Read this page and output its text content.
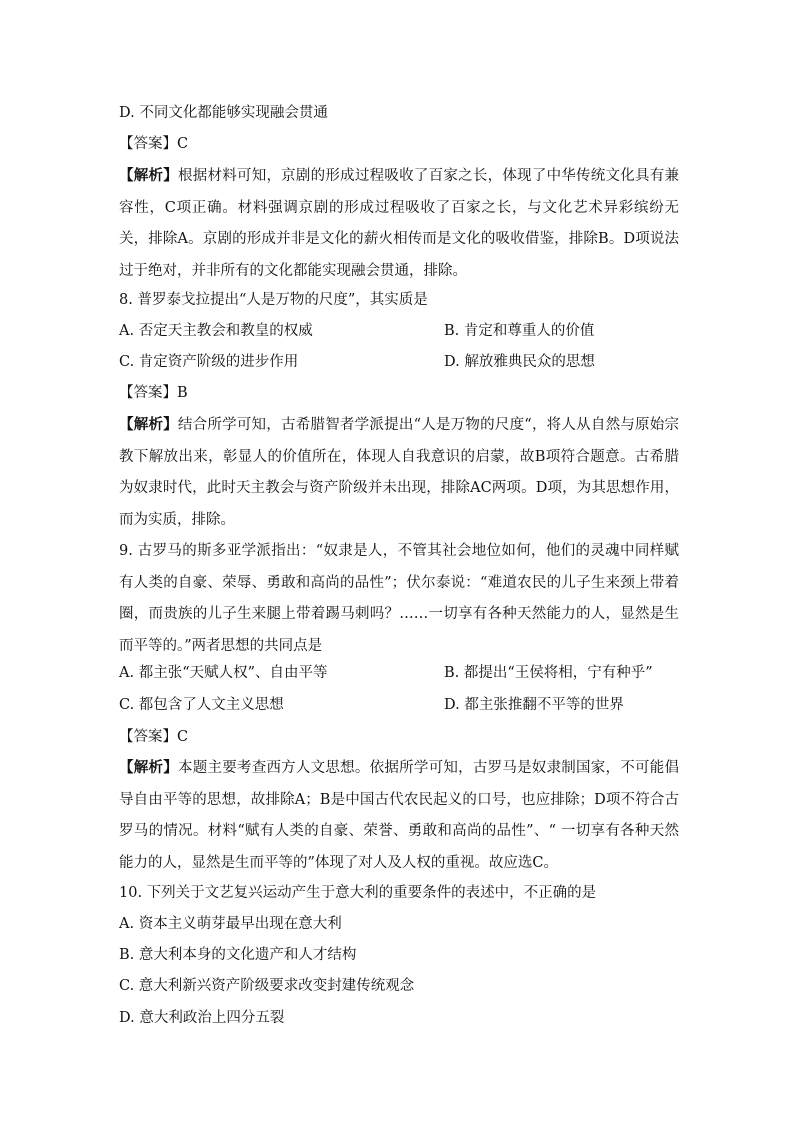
D. 不同文化都能够实现融会贯通
【答案】C
【解析】根据材料可知，京剧的形成过程吸收了百家之长，体现了中华传统文化具有兼容性，C项正确。材料强调京剧的形成过程吸收了百家之长，与文化艺术异彩缤纷无关，排除A。京剧的形成并非是文化的薪火相传而是文化的吸收借鉴，排除B。D项说法过于绝对，并非所有的文化都能实现融会贯通，排除。
8. 普罗泰戈拉提出“人是万物的尺度”，其实质是
A. 否定天主教会和教皇的权威	B. 肯定和尊重人的价值
C. 肯定资产阶级的进步作用	D. 解放雅典民众的思想
【答案】B
【解析】结合所学可知，古希腊智者学派提出“人是万物的尺度“，将人从自然与原始宗教下解放出来，彰显人的价值所在，体现人自我意识的启蒙，故B项符合题意。古希腊为奴隶时代，此时天主教会与资产阶级并未出现，排除AC两项。D项，为其思想作用，而为实质，排除。
9. 古罗马的斯多亚学派指出：“奴隶是人，不管其社会地位如何，他们的灵魂中同样赋有人类的自豪、荣辱、勇敢和高尚的品性”；伏尔泰说：“难道农民的儿子生来颈上带着圈，而贵族的儿子生来腿上带着踢马刺吗？……一切享有各种天然能力的人，显然是生而平等的。”两者思想的共同点是
A. 都主张“天赋人权”、自由平等	B. 都提出“王侯将相，宁有种乎”
C. 都包含了人文主义思想	D. 都主张推翻不平等的世界
【答案】C
【解析】本题主要考查西方人文思想。依据所学可知，古罗马是奴隶制国家，不可能倡导自由平等的思想，故排除A；B是中国古代农民起义的口号，也应排除；D项不符合古罗马的情况。材料“赋有人类的自豪、荣誉、勇敢和高尚的品性”、“ 一切享有各种天然能力的人，显然是生而平等的”体现了对人及人权的重视。故应选C。
10. 下列关于文艺复兴运动产生于意大利的重要条件的表述中，不正确的是
A. 资本主义萌芽最早出现在意大利
B. 意大利本身的文化遗产和人才结构
C. 意大利新兴资产阶级要求改变封建传统观念
D. 意大利政治上四分五裂
